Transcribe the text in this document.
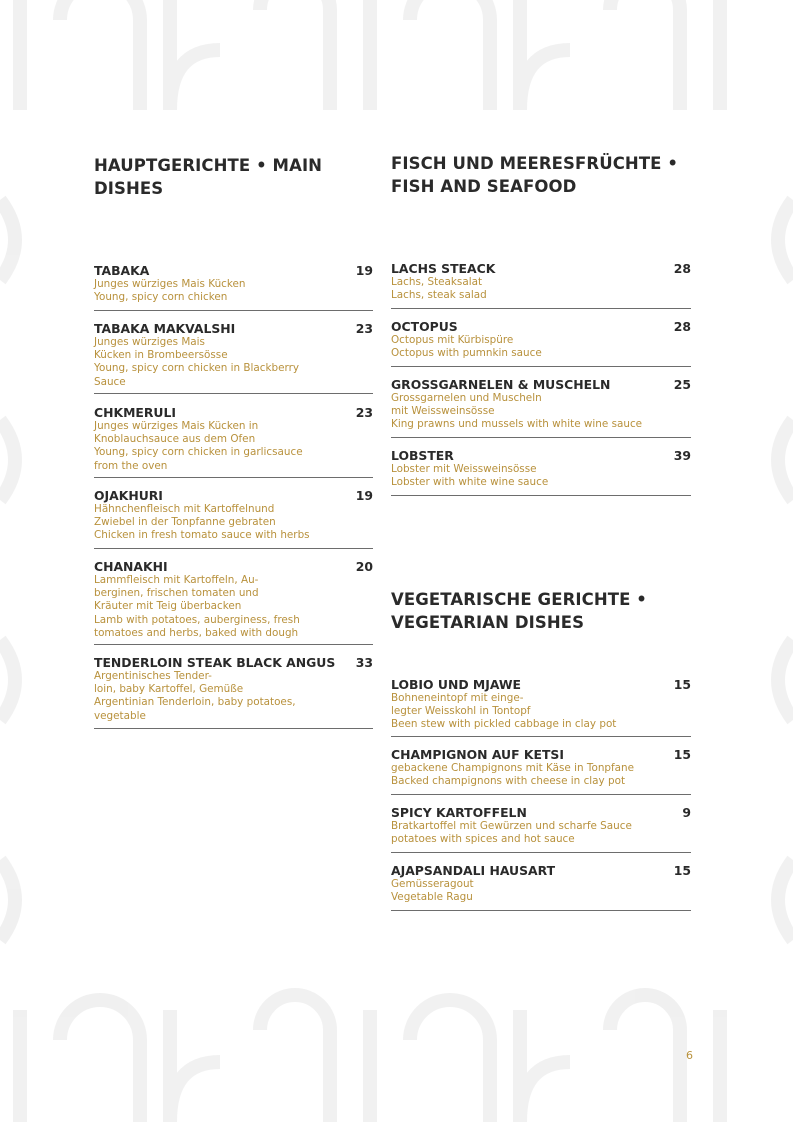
HAUPTGERICHTE • MAIN DISHES
TABAKA	19
Junges würziges Mais Kücken
Young, spicy corn chicken
TABAKA MAKVALSHI	23
Junges würziges Mais
Kücken in Brombeersösse
Young, spicy corn chicken in Blackberry
Sauce
CHKMERULI	23
Junges würziges Mais Kücken in
Knoblauchsauce aus dem Ofen
Young, spicy corn chicken in garlicsauce
from the oven
OJAKHURI	19
Hähnchenfleisch mit Kartoffelnund
Zwiebel in der Tonpfanne gebraten
Chicken in fresh tomato sauce with herbs
CHANAKHI	20
Lammfleisch mit Kartoffeln, Au-
berginen, frischen tomaten und
Kräuter mit Teig überbacken
Lamb with potatoes, auberginess, fresh
tomatoes and herbs, baked with dough
TENDERLOIN STEAK BLACK ANGUS 33
Argentinisches Tender-
loin, baby Kartoffel, Gemüße
Argentinian Tenderloin, baby potatoes,
vegetable
FISCH UND MEERESFRÜCHTE • FISH AND SEAFOOD
LACHS STEACK	28
Lachs, Steaksalat
Lachs, steak salad
OCTOPUS	28
Octopus mit Kürbispüre
Octopus with pumnkin sauce
GROSSGARNELEN & MUSCHELN	25
Grossgarnelen und Muscheln
mit Weissweinsösse
King prawns und mussels with white wine sauce
LOBSTER	39
Lobster mit Weissweinsösse
Lobster with white wine sauce
VEGETARISCHE GERICHTE • VEGETARIAN DISHES
LOBIO UND MJAWE	15
Bohneneintopf mit einge-
legter Weisskohl in Tontopf
Been stew with pickled cabbage in clay pot
CHAMPIGNON AUF KETSI	15
gebackene Champignons mit Käse in Tonpfane
Backed champignons with cheese in clay pot
SPICY KARTOFFELN	9
Bratkartoffel mit Gewürzen und scharfe Sauce
potatoes with spices and hot sauce
AJAPSANDALI HAUSART	15
Gemüsseragout
Vegetable Ragu
6
